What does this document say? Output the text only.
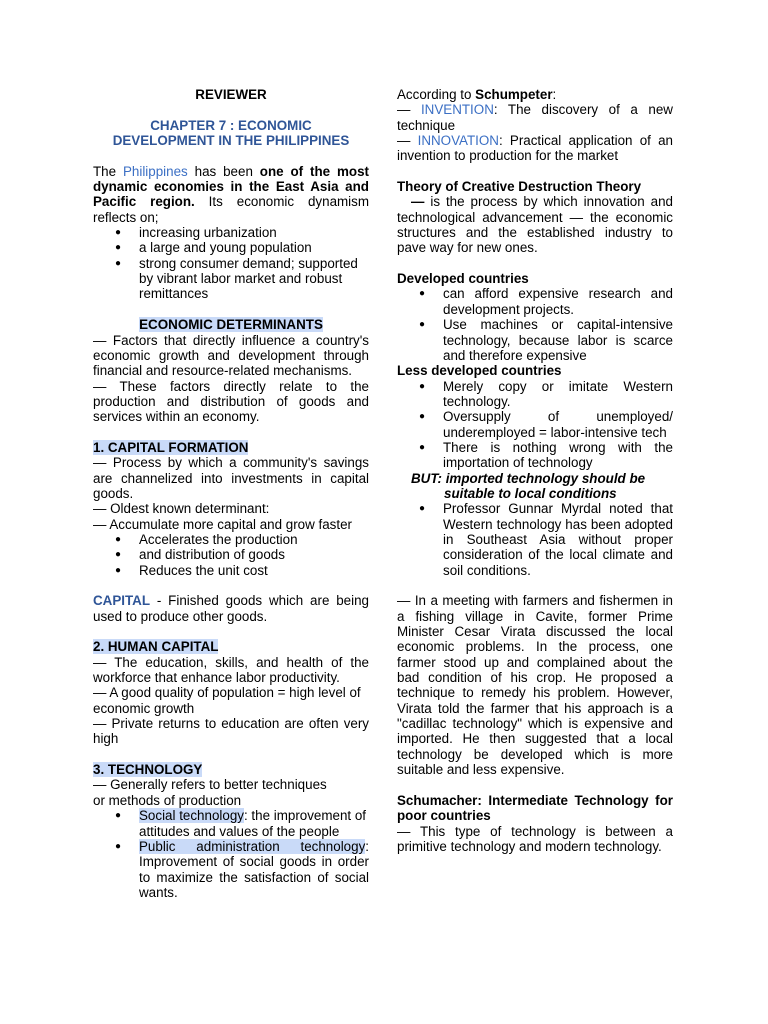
REVIEWER

CHAPTER 7 : ECONOMIC

DEVELOPMENT IN THE PHILIPPINES

The Philippines has been one of the most dynamic economies in the East Asia and Pacific region. Its economic dynamism reflects on;

● increasing urbanization
● a large and young population
● strong consumer demand; supported by vibrant labor market and robust remittances

ECONOMIC DETERMINANTS

— Factors that directly influence a country's economic growth and development through financial and resource-related mechanisms.

— These factors directly relate to the production and distribution of goods and services within an economy.

1. CAPITAL FORMATION

— Process by which a community's savings are channelized into investments in capital goods.

— Oldest known determinant:

— Accumulate more capital and grow faster

● Accelerates the production
● and distribution of goods
● Reduces the unit cost

CAPITAL - Finished goods which are being used to produce other goods.

2. HUMAN CAPITAL

— The education, skills, and health of the workforce that enhance labor productivity.

— A good quality of population = high level of economic growth

— Private returns to education are often very high

3. TECHNOLOGY

— Generally refers to better techniques

or methods of production

● Social technology: the improvement of attitudes and values of the people
● Public administration technology: Improvement of social goods in order to maximize the satisfaction of social wants.

According to Schumpeter:

— INVENTION: The discovery of a new technique

— INNOVATION: Practical application of an invention to production for the market

Theory of Creative Destruction Theory

— is the process by which innovation and technological advancement — the economic structures and the established industry to pave way for new ones.

Developed countries

● can afford expensive research and development projects.
● Use machines or capital-intensive technology, because labor is scarce and therefore expensive

Less developed countries

● Merely copy or imitate Western technology.
● Oversupply of unemployed/ underemployed = labor-intensive tech
● There is nothing wrong with the importation of technology

BUT: imported technology should be

suitable to local conditions

● Professor Gunnar Myrdal noted that Western technology has been adopted in Southeast Asia without proper consideration of the local climate and soil conditions.

— In a meeting with farmers and fishermen in a fishing village in Cavite, former Prime Minister Cesar Virata discussed the local economic problems. In the process, one farmer stood up and complained about the bad condition of his crop. He proposed a technique to remedy his problem. However, Virata told the farmer that his approach is a "cadillac technology" which is expensive and imported. He then suggested that a local technology be developed which is more suitable and less expensive.

Schumacher: Intermediate Technology for poor countries

— This type of technology is between a primitive technology and modern technology.
